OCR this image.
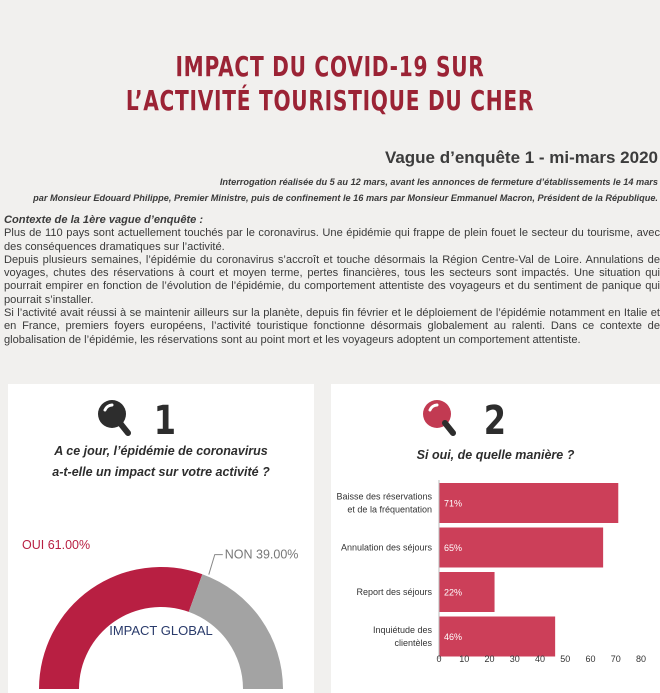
IMPACT DU COVID-19 SUR
L’ACTIVITÉ TOURISTIQUE DU CHER
Vague d’enquête 1 - mi-mars 2020
Interrogation réalisée du 5 au 12 mars, avant les annonces de fermeture d’établissements le 14 mars
par Monsieur Edouard Philippe, Premier Ministre, puis de confinement le 16 mars par Monsieur Emmanuel Macron, Président de la République.

Contexte de la 1ère vague d’enquête :

Plus de 110 pays sont actuellement touchés par le coronavirus. Une épidémie qui frappe de plein fouet le secteur du tourisme, avec des conséquences dramatiques sur l’activité.

Depuis plusieurs semaines, l’épidémie du coronavirus s’accroît et touche désormais la Région Centre-Val de Loire. Annulations de voyages, chutes des réservations à court et moyen terme, pertes financières, tous les secteurs sont impactés. Une situation qui pourrait empirer en fonction de l’évolution de l’épidémie, du comportement attentiste des voyageurs et du sentiment de panique qui pourrait s’installer.

Si l’activité avait réussi à se maintenir ailleurs sur la planète, depuis fin février et le déploiement de l’épidémie notamment en Italie et en France, premiers foyers européens, l’activité touristique fonctionne désormais globalement au ralenti. Dans ce contexte de globalisation de l’épidémie, les réservations sont au point mort et les voyageurs adoptent un comportement attentiste.

1
A ce jour, l’épidémie de coronavirus
a-t-elle un impact sur votre activité ?
OUI 61.00%
NON 39.00%
IMPACT GLOBAL
2
Si oui, de quelle manière ?
71%
Baisse des réservations
et de la fréquentation
65%
Annulation des séjours
22%
Report des séjours
46%
Inquiétude des
clientèles
0 10 20 30 40 50 60 70 80
